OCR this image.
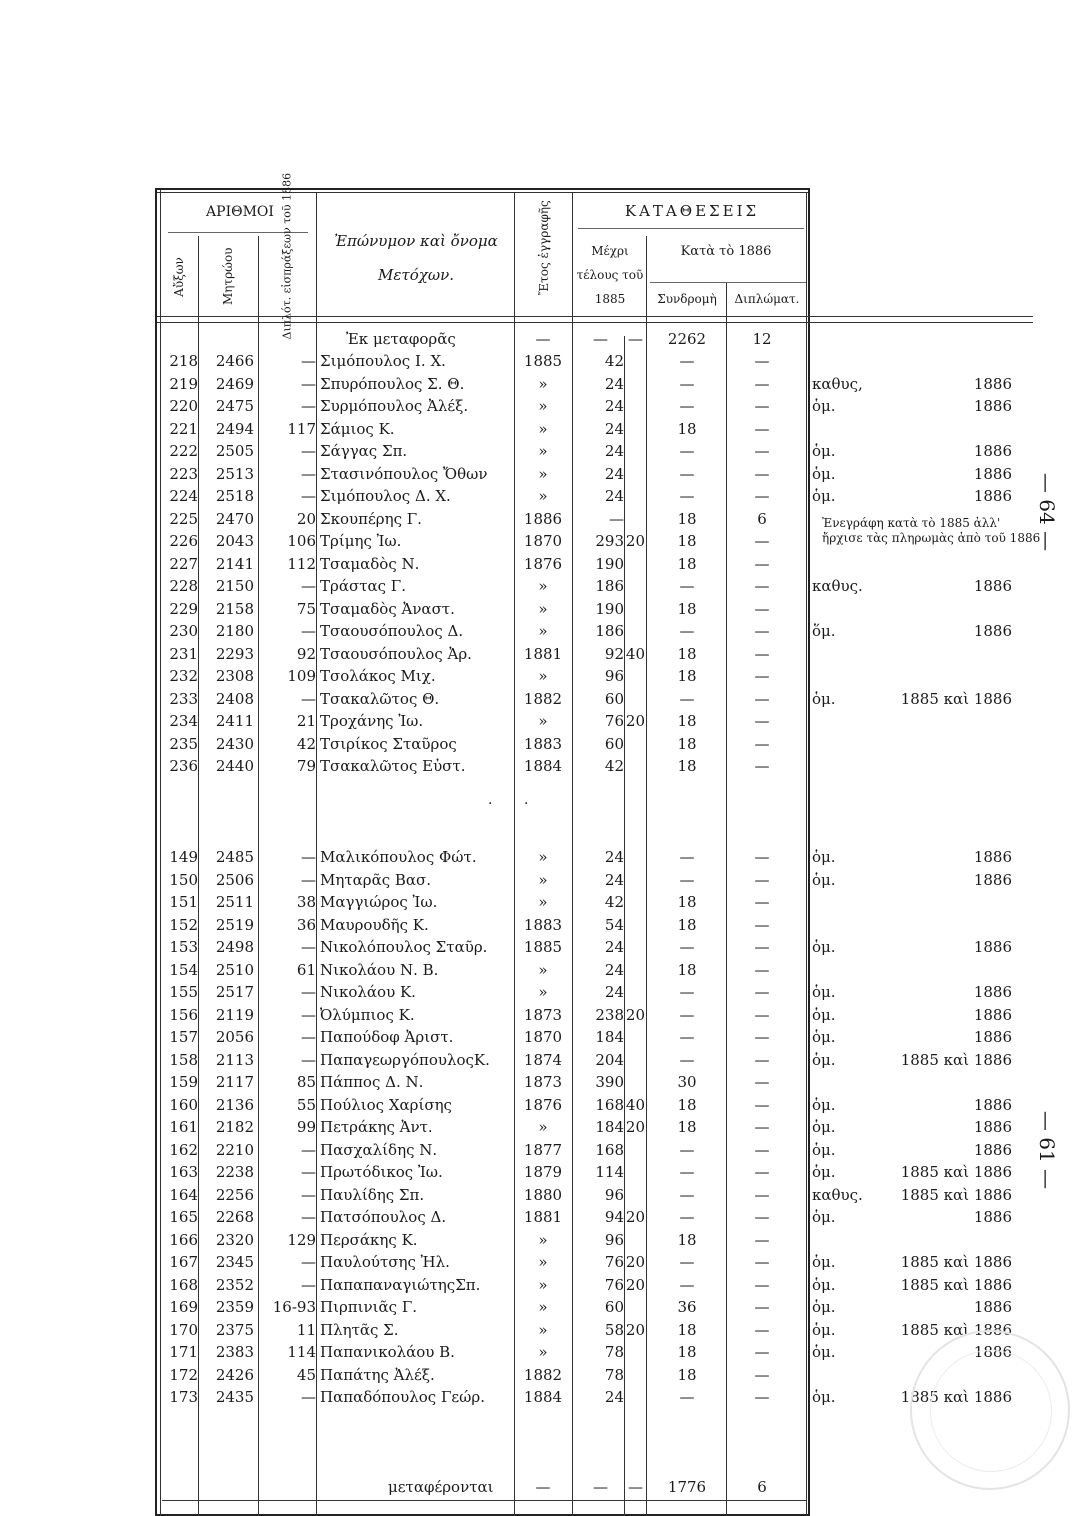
ΑΡΙΘΜΟΙ
Αὔξων	Μητρώου	Διπλότ. εἰσπράξεων τοῦ 1886	Ἐπώνυμον καὶ ὄνομα
Μετόχων.	Ἔτος ἐγγραφῆς	ΚΑΤΑΘΕΣΕΙΣ
Μέχρι
τέλους τοῦ
1885
Κατὰ τὸ 1886
Συνδρομὴ	Διπλώματ.
Ἐκ μεταφορᾶς	—	— —	2262	12
218	2466	— Σιμόπουλος Ι. Χ.	1885	42	—	—
219	2469	— Σπυρόπουλος Σ. Θ.	»	24	—	—	καθυς,	1886
220	2475	— Συρμόπουλος Ἀλέξ.	»	24	—	—	ὁμ.	1886
221	2494	117 Σάμιος Κ.	»	24	18	—
222	2505	— Σάγγας Σπ.	»	24	—	—	ὁμ.	1886
223	2513	— Στασινόπουλος Ὄθων	»	24	—	—	ὁμ.	1886
224	2518	— Σιμόπουλος Δ. Χ.	»	24	—	—	ὁμ.	1886
225	2470	20 Σκουπέρης Γ.	1886	—	18	6
226	2043	106 Τρίμης Ἰω.	1870	293 20	18	—
227	2141	112 Τσαμαδὸς Ν.	1876	190	18	—
228	2150	— Τράστας Γ.	»	186	—	—	καθυς.	1886
229	2158	75 Τσαμαδὸς Ἀναστ.	»	190	18	—
230	2180	— Τσαουσόπουλος Δ.	»	186	—	—	ὅμ.	1886
231	2293	92 Τσαουσόπουλος Ἀρ.	1881	92 40	18	—
232	2308	109 Τσολάκος Μιχ.	»	96	18	—
233	2408	— Τσακαλῶτος Θ.	1882	60	—	—	ὁμ.	1885 καὶ 1886
234	2411	21 Τροχάνης Ἰω.	»	76 20	18	—
235	2430	42 Τσιρίκος Σταῦρος	1883	60	18	—
236	2440	79 Τσακαλῶτος Εὐστ.	1884	42	18	—
Ἐνεγράφη κατὰ τὸ 1885 ἀλλ' ἤρχισε τὰς πληρωμὰς ἀπὸ τοῦ 1886
· ·
149	2485	— Μαλικόπουλος Φώτ.	»	24	—	—	ὁμ.	1886
150	2506	— Μηταρᾶς Βασ.	»	24	—	—	ὁμ.	1886
151	2511	38 Μαγγιώρος Ἰω.	»	42	18	—
152	2519	36 Μαυρουδῆς Κ.	1883	54	18	—
153	2498	— Νικολόπουλος Σταῦρ.	1885	24	—	—	ὁμ.	1886
154	2510	61 Νικολάου Ν. Β.	»	24	18	—
155	2517	— Νικολάου Κ.	»	24	—	—	ὁμ.	1886
156	2119	— Ὀλύμπιος Κ.	1873	238 20	—	—	ὁμ.	1886
157	2056	— Παπούδοφ Ἀριστ.	1870	184	—	—	ὁμ.	1886
158	2113	— ΠαπαγεωργόπουλοςΚ.	1874	204	—	—	ὁμ.	1885 καὶ 1886
159	2117	85 Πάππος Δ. Ν.	1873	390	30	—
160	2136	55 Πούλιος Χαρίσης	1876	168 40	18	—	ὁμ.	1886
161	2182	99 Πετράκης Ἀντ.	»	184 20	18	—	ὁμ.	1886
162	2210	— Πασχαλίδης Ν.	1877	168	—	—	ὁμ.	1886
163	2238	— Πρωτόδικος Ἰω.	1879	114	—	—	ὁμ.	1885 καὶ 1886
164	2256	— Παυλίδης Σπ.	1880	96	—	—	καθυς.	1885 καὶ 1886
165	2268	— Πατσόπουλος Δ.	1881	94 20	—	—	ὁμ.	1886
166	2320	129 Περσάκης Κ.	»	96	18	—
167	2345	— Παυλούτσης Ἠλ.	»	76 20	—	—	ὁμ.	1885 καὶ 1886
168	2352	— ΠαπαπαναγιώτηςΣπ.	»	76 20	—	—	ὁμ.	1885 καὶ 1886
169	2359	16-93 Πιρπινιᾶς Γ.	»	60	36	—	ὁμ.	1886
170	2375	11 Πλητᾶς Σ.	»	58 20	18	—	ὁμ.	1885 καὶ 1886
171	2383	114 Παπανικολάου Β.	»	78	18	—	ὁμ.	1886
172	2426	45 Παπάτης Ἀλέξ.	1882	78	18	—
173	2435	— Παπαδόπουλος Γεώρ.	1884	24	—	—	ὁμ.	1885 καὶ 1886
μεταφέρονται	—	— —	1776	6
— 64 —
— 61 —
